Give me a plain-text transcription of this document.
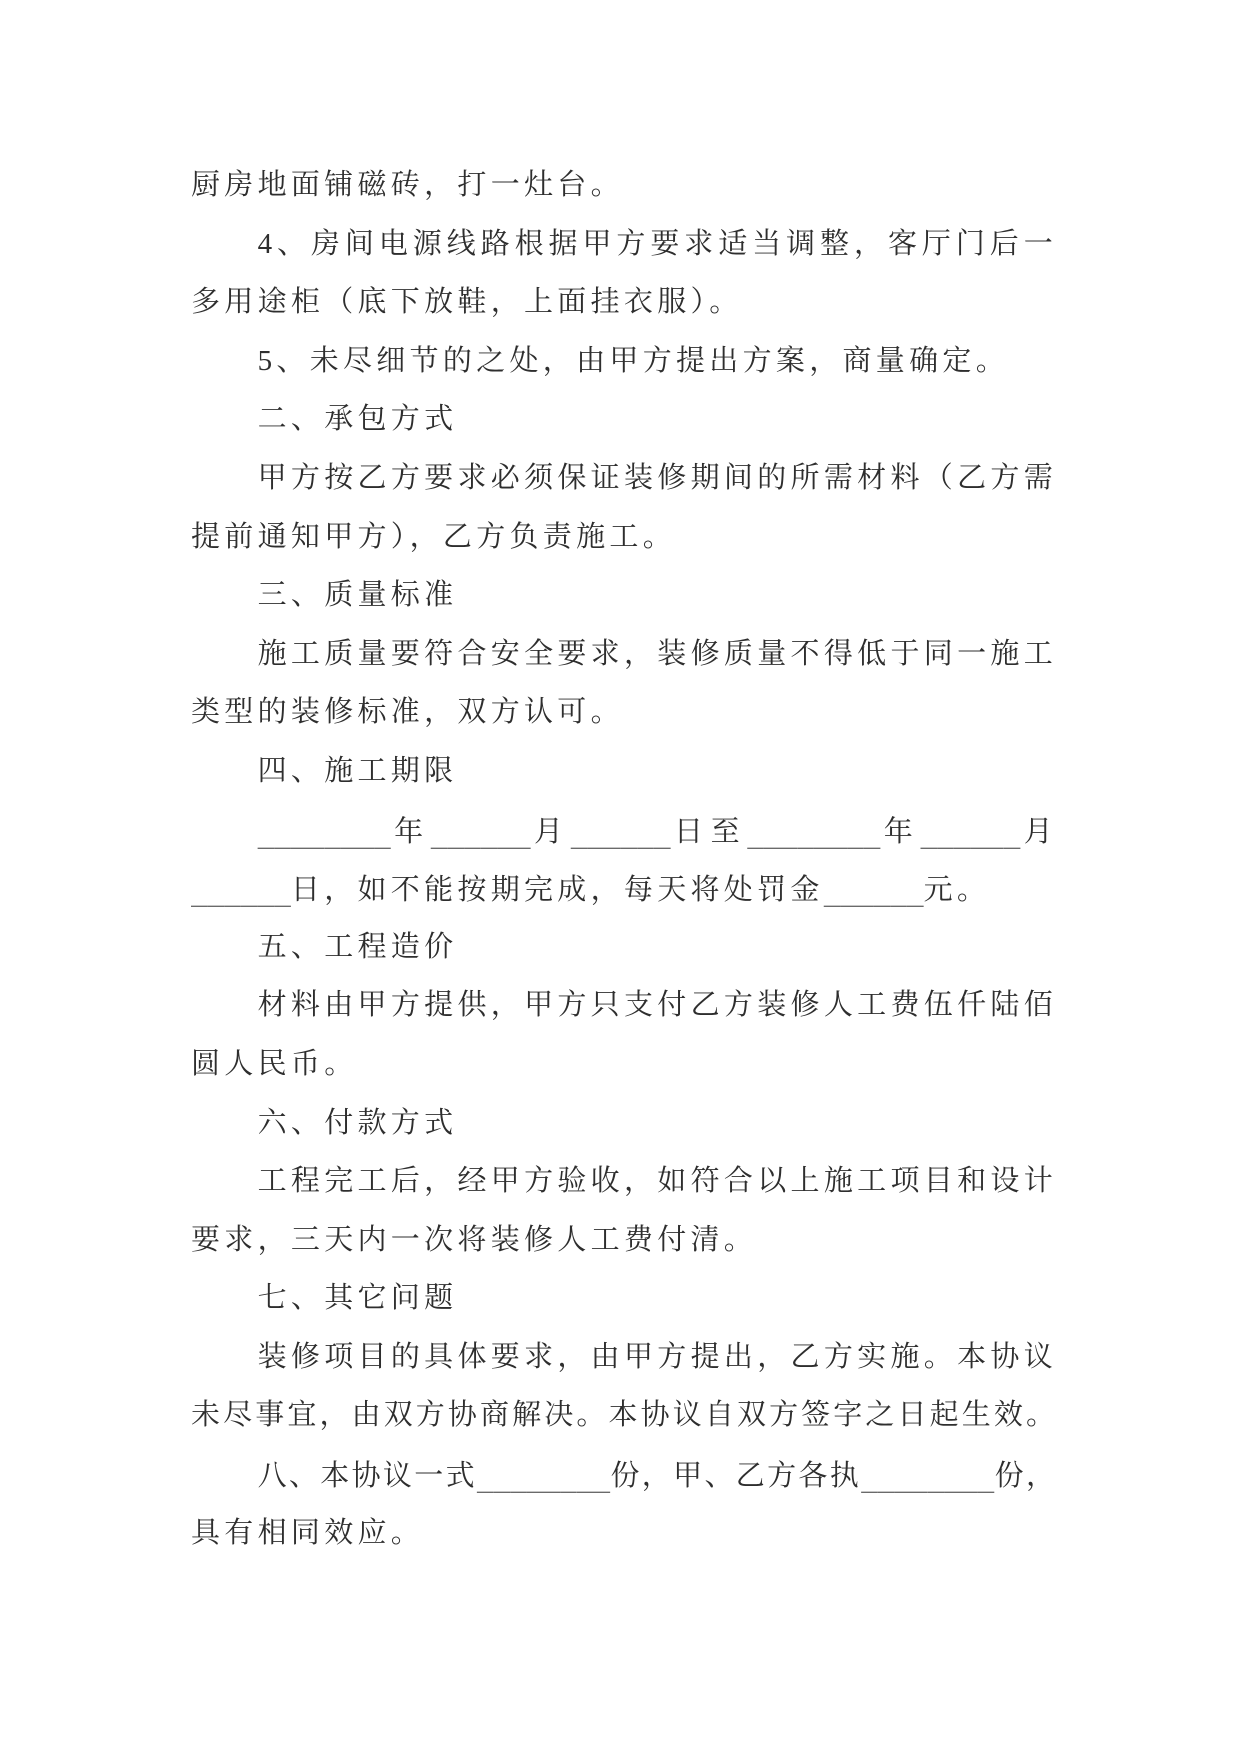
厨房地面铺磁砖，打一灶台。
4、房间电源线路根据甲方要求适当调整，客厅门后一
多用途柜（底下放鞋，上面挂衣服）。
5、未尽细节的之处，由甲方提出方案，商量确定。
二、承包方式
甲方按乙方要求必须保证装修期间的所需材料（乙方需
提前通知甲方），乙方负责施工。
三、质量标准
施工质量要符合安全要求，装修质量不得低于同一施工
类型的装修标准，双方认可。
四、施工期限
________年______月______日至________年______月
______日，如不能按期完成，每天将处罚金______元。
五、工程造价
材料由甲方提供，甲方只支付乙方装修人工费伍仟陆佰
圆人民币。
六、付款方式
工程完工后，经甲方验收，如符合以上施工项目和设计
要求，三天内一次将装修人工费付清。
七、其它问题
装修项目的具体要求，由甲方提出，乙方实施。本协议
未尽事宜，由双方协商解决。本协议自双方签字之日起生效。
八、本协议一式________份，甲、乙方各执________份，
具有相同效应。
